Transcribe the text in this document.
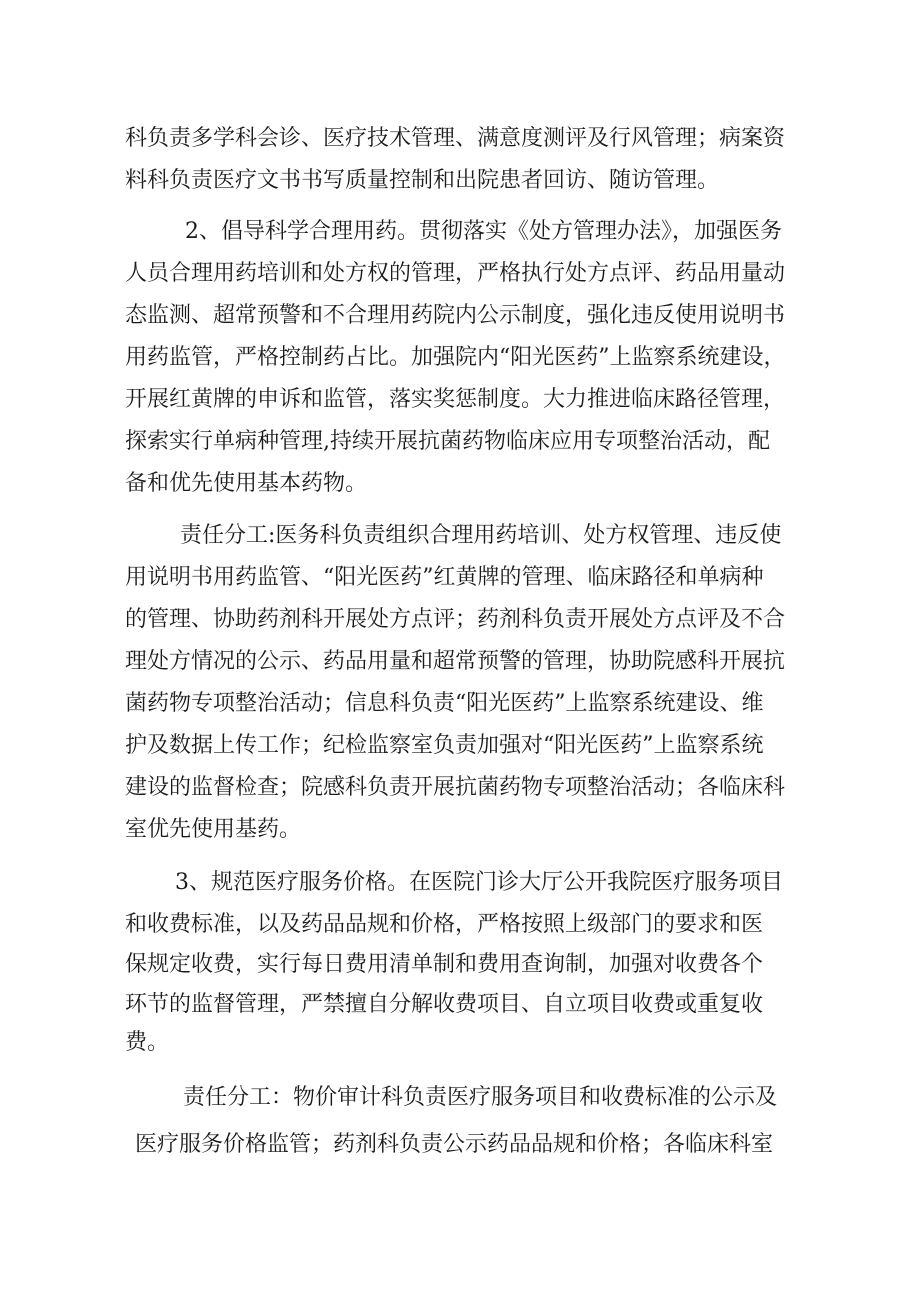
科负责多学科会诊、医疗技术管理、满意度测评及行风管理；病案资
料科负责医疗文书书写质量控制和出院患者回访、随访管理。
2、倡导科学合理用药。贯彻落实《处方管理办法》，加强医务
人员合理用药培训和处方权的管理，严格执行处方点评、药品用量动
态监测、超常预警和不合理用药院内公示制度，强化违反使用说明书
用药监管，严格控制药占比。加强院内“阳光医药”上监察系统建设，
开展红黄牌的申诉和监管，落实奖惩制度。大力推进临床路径管理，
探索实行单病种管理,持续开展抗菌药物临床应用专项整治活动，配
备和优先使用基本药物。
责任分工:医务科负责组织合理用药培训、处方权管理、违反使
用说明书用药监管、“阳光医药”红黄牌的管理、临床路径和单病种
的管理、协助药剂科开展处方点评；药剂科负责开展处方点评及不合
理处方情况的公示、药品用量和超常预警的管理，协助院感科开展抗
菌药物专项整治活动；信息科负责“阳光医药”上监察系统建设、维
护及数据上传工作；纪检监察室负责加强对“阳光医药”上监察系统
建设的监督检查；院感科负责开展抗菌药物专项整治活动；各临床科
室优先使用基药。
3、规范医疗服务价格。在医院门诊大厅公开我院医疗服务项目
和收费标准，以及药品品规和价格，严格按照上级部门的要求和医
保规定收费，实行每日费用清单制和费用查询制，加强对收费各个
环节的监督管理，严禁擅自分解收费项目、自立项目收费或重复收
费。
责任分工：物价审计科负责医疗服务项目和收费标准的公示及
医疗服务价格监管；药剂科负责公示药品品规和价格；各临床科室
